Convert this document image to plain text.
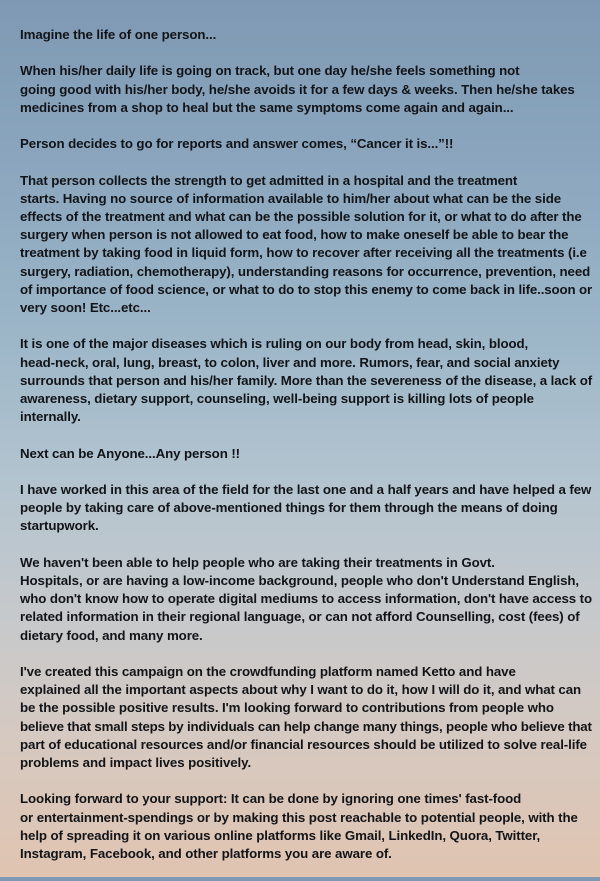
Imagine the life of one person...

When his/her daily life is going on track, but one day he/she feels something not
going good with his/her body, he/she avoids it for a few days & weeks. Then he/she takes
medicines from a shop to heal but the same symptoms come again and again...

Person decides to go for reports and answer comes, “Cancer it is...”!!

That person collects the strength to get admitted in a hospital and the treatment
starts. Having no source of information available to him/her about what can be the side
effects of the treatment and what can be the possible solution for it, or what to do after the
surgery when person is not allowed to eat food, how to make oneself be able to bear the
treatment by taking food in liquid form, how to recover after receiving all the treatments (i.e
surgery, radiation, chemotherapy), understanding reasons for occurrence, prevention, need
of importance of food science, or what to do to stop this enemy to come back in life..soon or
very soon! Etc...etc...

It is one of the major diseases which is ruling on our body from head, skin, blood,
head-neck, oral, lung, breast, to colon, liver and more. Rumors, fear, and social anxiety
surrounds that person and his/her family. More than the severeness of the disease, a lack of
awareness, dietary support, counseling, well-being support is killing lots of people
internally.

Next can be Anyone...Any person !!

I have worked in this area of the field for the last one and a half years and have helped a few
people by taking care of above-mentioned things for them through the means of doing
startupwork.

We haven't been able to help people who are taking their treatments in Govt.
Hospitals, or are having a low-income background, people who don't Understand English,
who don't know how to operate digital mediums to access information, don't have access to
related information in their regional language, or can not afford Counselling, cost (fees) of
dietary food, and many more.

I've created this campaign on the crowdfunding platform named Ketto and have
explained all the important aspects about why I want to do it, how I will do it, and what can
be the possible positive results. I'm looking forward to contributions from people who
believe that small steps by individuals can help change many things, people who believe that
part of educational resources and/or financial resources should be utilized to solve real-life
problems and impact lives positively.

Looking forward to your support: It can be done by ignoring one times' fast-food
or entertainment-spendings or by making this post reachable to potential people, with the
help of spreading it on various online platforms like Gmail, LinkedIn, Quora, Twitter,
Instagram, Facebook, and other platforms you are aware of.
